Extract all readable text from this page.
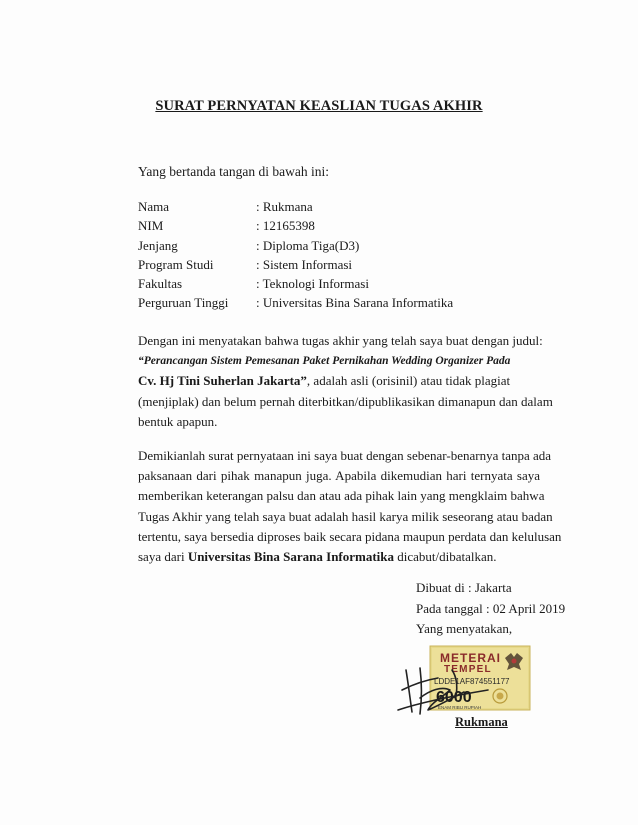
SURAT PERNYATAN KEASLIAN TUGAS AKHIR
Yang bertanda tangan di bawah ini:
Nama	: Rukmana
NIM	: 12165398
Jenjang	: Diploma Tiga(D3)
Program Studi	: Sistem Informasi
Fakultas	: Teknologi Informasi
Perguruan Tinggi	: Universitas Bina Sarana Informatika
Dengan ini menyatakan bahwa tugas akhir yang telah saya buat dengan judul:
“Perancangan Sistem Pemesanan Paket Pernikahan Wedding Organizer Pada
Cv. Hj Tini Suherlan Jakarta”, adalah asli (orisinil) atau tidak plagiat
(menjiplak) dan belum pernah diterbitkan/dipublikasikan dimanapun dan dalam
bentuk apapun.
Demikianlah surat pernyataan ini saya buat dengan sebenar-benarnya tanpa ada
paksanaan dari pihak manapun juga. Apabila dikemudian hari ternyata saya
memberikan keterangan palsu dan atau ada pihak lain yang mengklaim bahwa
Tugas Akhir yang telah saya buat adalah hasil karya milik seseorang atau badan
tertentu, saya bersedia diproses baik secara pidana maupun perdata dan kelulusan
saya dari Universitas Bina Sarana Informatika dicabut/dibatalkan.
Dibuat di : Jakarta
Pada tanggal : 02 April 2019
Yang menyatakan,
METERAI
TEMPEL
LDDE1AF874551177
6000
ENAM RIBU RUPIAH
Rukmana
